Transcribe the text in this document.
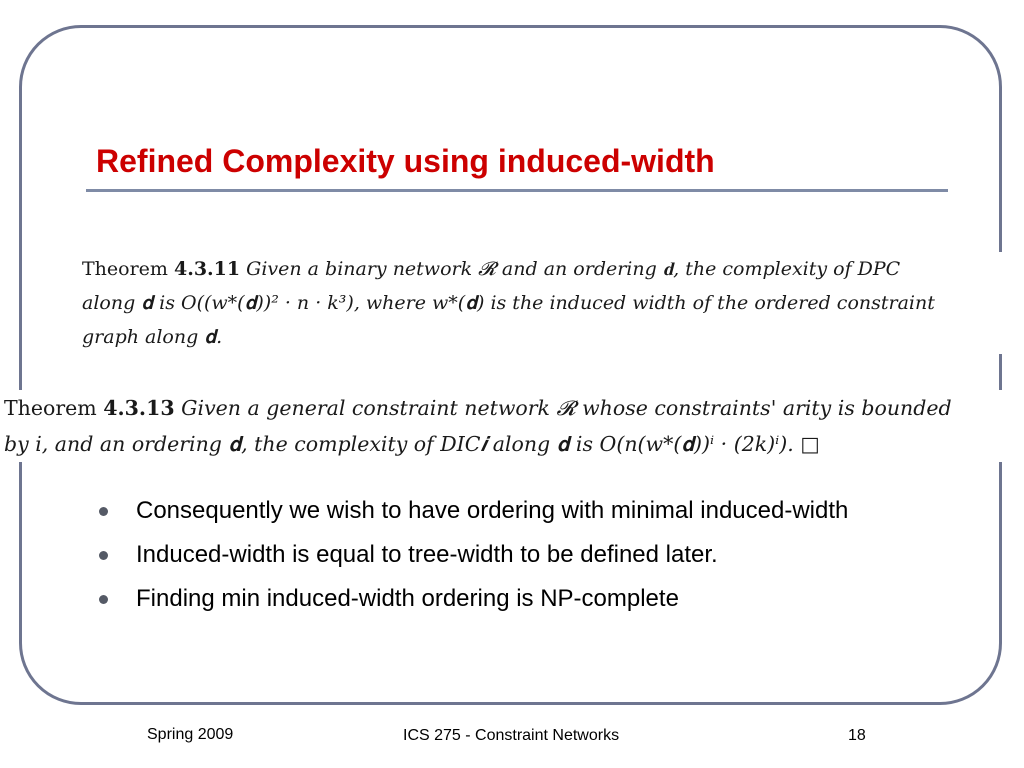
Refined Complexity using induced-width
Theorem 4.3.11 Given a binary network 𝓡 and an ordering 𝐝, the complexity of DPC
along 𝐝 is O((w*(𝐝))² · n · k³), where w*(𝐝) is the induced width of the ordered constraint
graph along 𝐝.
Theorem 4.3.13 Given a general constraint network 𝓡 whose constraints' arity is bounded
by i, and an ordering 𝐝, the complexity of DIC𝒊 along 𝐝 is O(n(w*(𝐝))ⁱ · (2k)ⁱ). □
Consequently we wish to have ordering with minimal induced-width
Induced-width is equal to tree-width to be defined later.
Finding min induced-width ordering is NP-complete
Spring 2009	ICS 275 - Constraint Networks	18
